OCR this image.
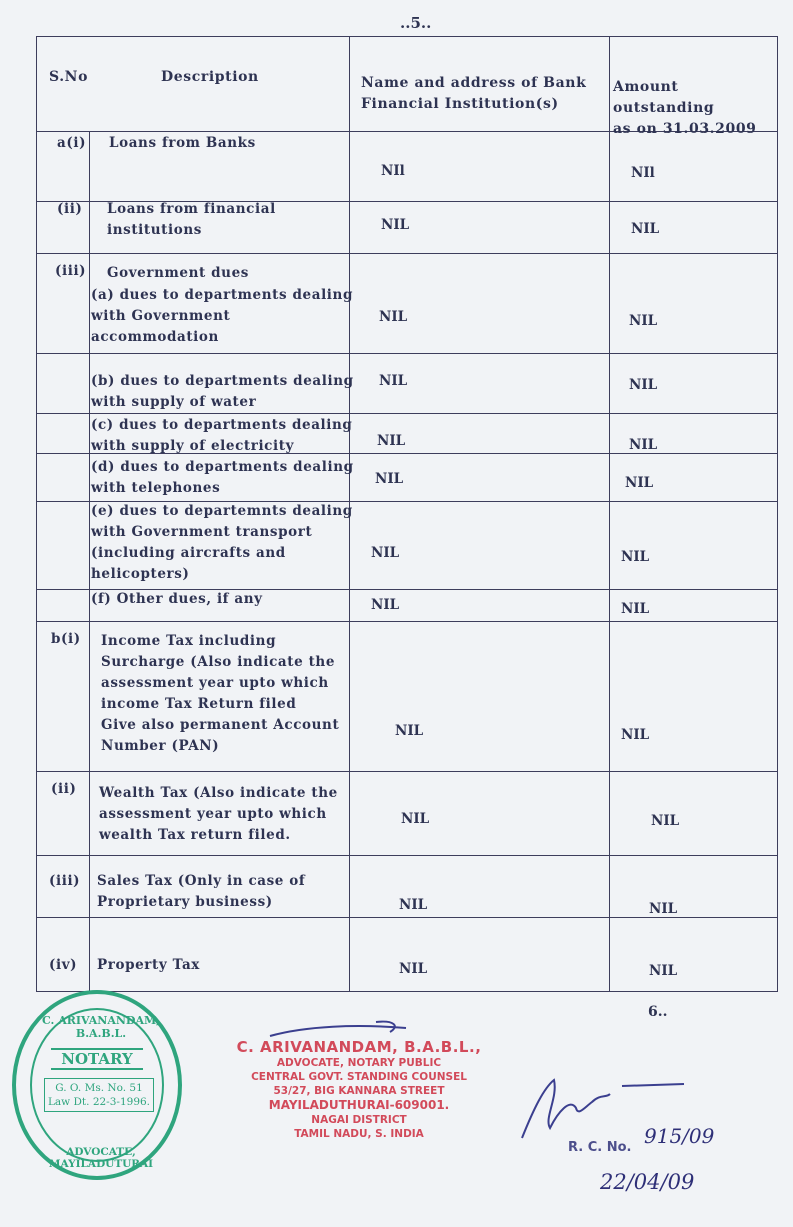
..5..
S.No	Description	Name and address of Bank
Financial Institution(s)
Amount outstanding
as on 31.03.2009
a(i) Loans from Banks
NIl	NIl
(ii) Loans from financial
institutions	NIL	NIL
(iii) Government dues
(a) dues to departments dealing
with Government
accommodation
NIL	NIL
(b) dues to departments dealing
with supply of water
NIL	NIL
(c) dues to departments dealing
with supply of electricity	NIL	NIL
(d) dues to departments dealing
with telephones
NIL	NIL
(e) dues to departemnts dealing
with Government transport
(including aircrafts and
helicopters)
NIL	NIL
(f) Other dues, if any	NIL	NIL
b(i) Income Tax including
Surcharge (Also indicate the
assessment year upto which
income Tax Return filed
Give also permanent Account
Number (PAN)
NIL	NIL
(ii) Wealth Tax (Also indicate the
assessment year upto which
wealth Tax return filed.
NIL	NIL
(iii) Sales Tax (Only in case of
Proprietary business)	NIL	NIL
(iv) Property Tax	NIL	NIL
6..
C. ARIVANANDAM, B.A.B.L.
NOTARY
G. O. Ms. No. 51
Law Dt. 22-3-1996.
ADVOCATE, MAYILADUTURAI
C. ARIVANANDAM, B.A.B.L.,
ADVOCATE, NOTARY PUBLIC
CENTRAL GOVT. STANDING COUNSEL
53/27, BIG KANNARA STREET
MAYILADUTHURAI-609001.
NAGAI DISTRICT
TAMIL NADU, S. INDIA
R. C. No. 915/09
22/04/09
